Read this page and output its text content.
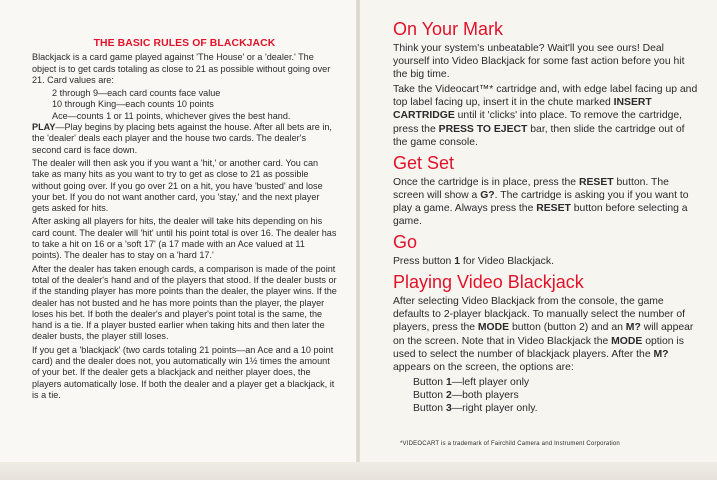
THE BASIC RULES OF BLACKJACK

Blackjack is a card game played against 'The House' or a 'dealer.' The object is to get cards totaling as close to 21 as possible without going over 21. Card values are:

2 through 9—each card counts face value

10 through King—each counts 10 points

Ace—counts 1 or 11 points, whichever gives the best hand.

PLAY—Play begins by placing bets against the house. After all bets are in, the 'dealer' deals each player and the house two cards. The dealer's second card is face down.

The dealer will then ask you if you want a 'hit,' or another card. You can take as many hits as you want to try to get as close to 21 as possible without going over. If you go over 21 on a hit, you have 'busted' and lose your bet. If you do not want another card, you 'stay,' and the next player gets asked for hits.

After asking all players for hits, the dealer will take hits depending on his card count. The dealer will 'hit' until his point total is over 16. The dealer has to take a hit on 16 or a 'soft 17' (a 17 made with an Ace valued at 11 points). The dealer has to stay on a 'hard 17.'

After the dealer has taken enough cards, a comparison is made of the point total of the dealer's hand and of the players that stood. If the dealer busts or if the standing player has more points than the dealer, the player wins. If the dealer has not busted and he has more points than the player, the player loses his bet. If both the dealer's and player's point total is the same, the hand is a tie. If a player busted earlier when taking hits and then later the dealer busts, the player still loses.

If you get a 'blackjack' (two cards totaling 21 points—an Ace and a 10 point card) and the dealer does not, you automatically win 1½ times the amount of your bet. If the dealer gets a blackjack and neither player does, the players automatically lose. If both the dealer and a player get a blackjack, it is a tie.

On Your Mark

Think your system's unbeatable? Wait'll you see ours! Deal yourself into Video Blackjack for some fast action before you hit the big time.

Take the Videocart™* cartridge and, with edge label facing up and top label facing up, insert it in the chute marked INSERT CARTRIDGE until it 'clicks' into place. To remove the cartridge, press the PRESS TO EJECT bar, then slide the cartridge out of the game console.

Get Set

Once the cartridge is in place, press the RESET button. The screen will show a G?. The cartridge is asking you if you want to play a game. Always press the RESET button before selecting a game.

Go

Press button 1 for Video Blackjack.

Playing Video Blackjack

After selecting Video Blackjack from the console, the game defaults to 2-player blackjack. To manually select the number of players, press the MODE button (button 2) and an M? will appear on the screen. Note that in Video Blackjack the MODE option is used to select the number of blackjack players. After the M? appears on the screen, the options are:

Button 1—left player only

Button 2—both players

Button 3—right player only.

*VIDEOCART is a trademark of Fairchild Camera and Instrument Corporation
